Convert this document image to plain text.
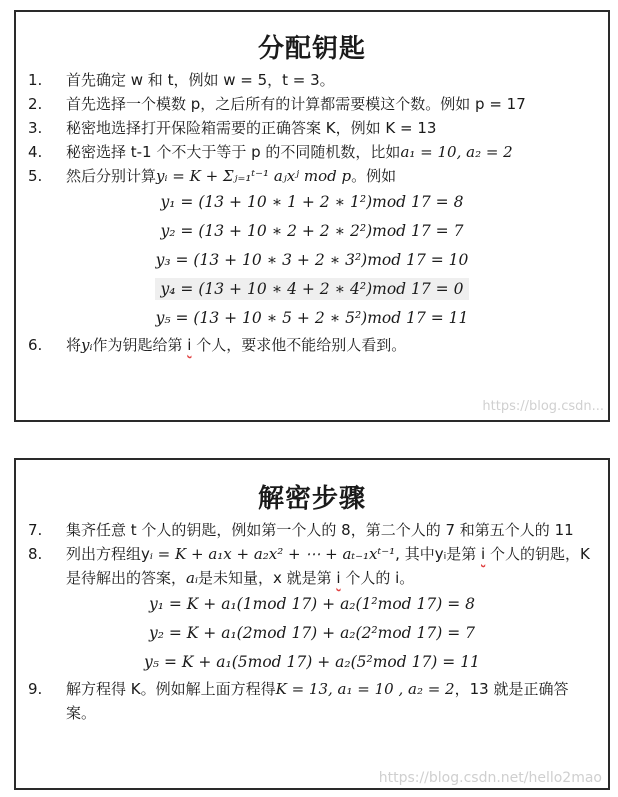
分配钥匙
1. 首先确定 w 和 t，例如 w = 5，t = 3。
2. 首先选择一个模数 p，之后所有的计算都需要模这个数。例如 p = 17
3. 秘密地选择打开保险箱需要的正确答案 K，例如 K = 13
4. 秘密选择 t-1 个不大于等于 p 的不同随机数，比如a₁ = 10, a₂ = 2
5. 然后分别计算yᵢ = K + Σⱼ₌₁ᵗ⁻¹ aⱼxʲ mod p。例如
y₁ = (13 + 10 ∗ 1 + 2 ∗ 1²)mod 17 = 8
y₂ = (13 + 10 ∗ 2 + 2 ∗ 2²)mod 17 = 7
y₃ = (13 + 10 ∗ 3 + 2 ∗ 3²)mod 17 = 10
y₄ = (13 + 10 ∗ 4 + 2 ∗ 4²)mod 17 = 0
y₅ = (13 + 10 ∗ 5 + 2 ∗ 5²)mod 17 = 11
6. 将yᵢ作为钥匙给第 i 个人，要求他不能给别人看到。
https://blog.csdn...
解密步骤
7. 集齐任意 t 个人的钥匙，例如第一个人的 8，第二个人的 7 和第五个人的 11
8. 列出方程组yᵢ = K + a₁x + a₂x² + ⋯ + aₜ₋₁xᵗ⁻¹, 其中yᵢ是第 i 个人的钥匙，K 是待解出的答案，aᵢ是未知量，x 就是第 i 个人的 i。
y₁ = K + a₁(1mod 17) + a₂(1²mod 17) = 8
y₂ = K + a₁(2mod 17) + a₂(2²mod 17) = 7
y₅ = K + a₁(5mod 17) + a₂(5²mod 17) = 11
9. 解方程得 K。例如解上面方程得K = 13, a₁ = 10 , a₂ = 2，13 就是正确答案。
https://blog.csdn.net/hello2mao
